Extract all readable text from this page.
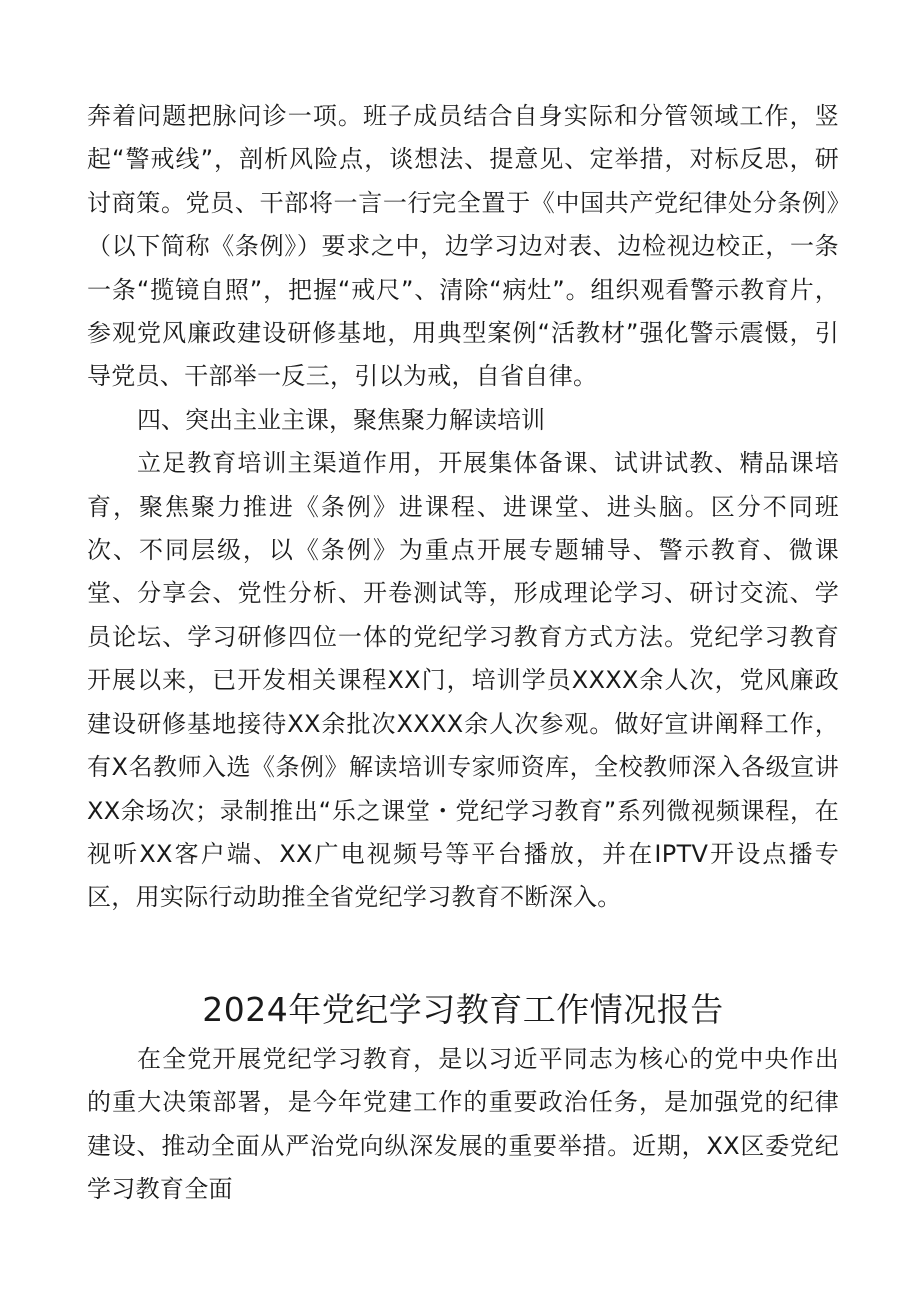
奔着问题把脉问诊一项。班子成员结合自身实际和分管领域工作，竖起“警戒线”，剖析风险点，谈想法、提意见、定举措，对标反思，研讨商策。党员、干部将一言一行完全置于《中国共产党纪律处分条例》（以下简称《条例》）要求之中，边学习边对表、边检视边校正，一条一条“揽镜自照”，把握“戒尺”、清除“病灶”。组织观看警示教育片，参观党风廉政建设研修基地，用典型案例“活教材”强化警示震慑，引导党员、干部举一反三，引以为戒，自省自律。

四、突出主业主课，聚焦聚力解读培训

立足教育培训主渠道作用，开展集体备课、试讲试教、精品课培育，聚焦聚力推进《条例》进课程、进课堂、进头脑。区分不同班次、不同层级，以《条例》为重点开展专题辅导、警示教育、微课堂、分享会、党性分析、开卷测试等，形成理论学习、研讨交流、学员论坛、学习研修四位一体的党纪学习教育方式方法。党纪学习教育开展以来，已开发相关课程XX门，培训学员XXXX余人次，党风廉政建设研修基地接待XX余批次XXXX余人次参观。做好宣讲阐释工作，有X名教师入选《条例》解读培训专家师资库，全校教师深入各级宣讲XX余场次；录制推出“乐之课堂・党纪学习教育”系列微视频课程，在视听XX客户端、XX广电视频号等平台播放，并在IPTV开设点播专区，用实际行动助推全省党纪学习教育不断深入。

2024年党纪学习教育工作情况报告

在全党开展党纪学习教育，是以习近平同志为核心的党中央作出的重大决策部署，是今年党建工作的重要政治任务，是加强党的纪律建设、推动全面从严治党向纵深发展的重要举措。近期，XX区委党纪学习教育全面
